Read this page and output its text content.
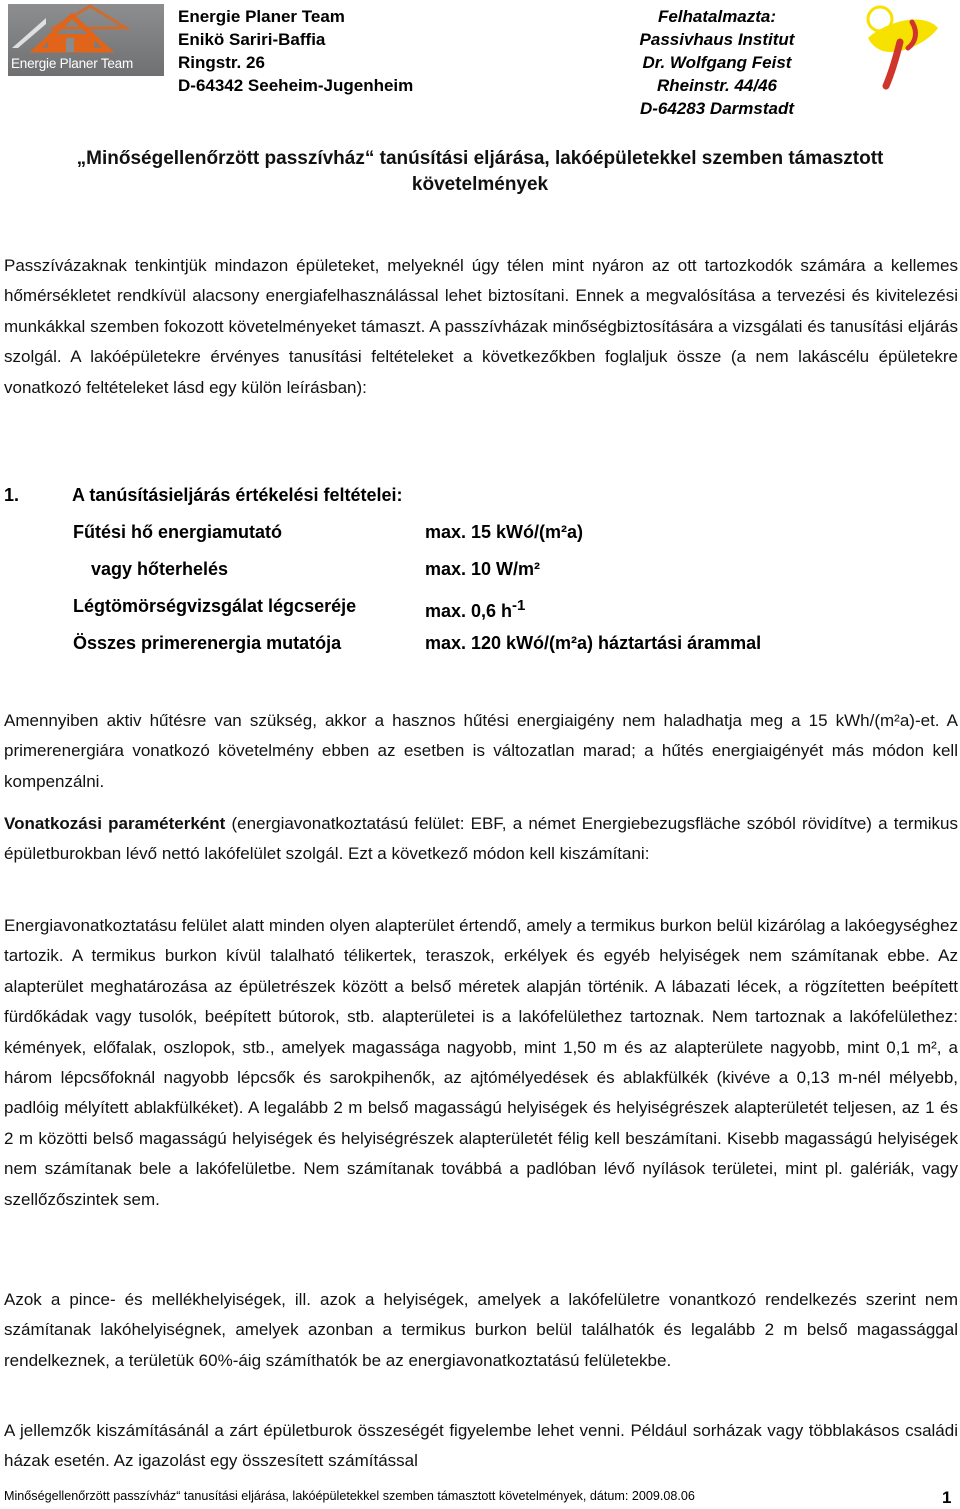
Energie Planer Team
Energie Planer Team
Enikö Sariri-Baffia
Ringstr. 26
D-64342 Seeheim-Jugenheim
Felhatalmazta:
Passivhaus Institut
Dr. Wolfgang Feist
Rheinstr. 44/46
D-64283 Darmstadt
„Minőségellenőrzött passzívház“ tanúsítási eljárása, lakóépületekkel szemben támasztott
követelmények
Passzívázaknak tenkintjük mindazon épületeket, melyeknél úgy télen mint nyáron az ott tartozkodók számára a kellemes hőmérsékletet rendkívül alacsony energiafelhasználással lehet biztosítani. Ennek a megvalósítása a tervezési és kivitelezési munkákkal szemben fokozott követelményeket támaszt. A passzívházak minőségbiztosítására a vizsgálati és tanusítási eljárás szolgál. A lakóépületekre érvényes tanusítási feltételeket a következőkben foglaljuk össze (a nem lakáscélu épületekre vonatkozó feltételeket lásd egy külön leírásban):
1.	A tanúsításieljárás értékelési feltételei:
Fűtési hő energiamutató	max. 15 kWó/(m²a)
vagy hőterhelés	max. 10 W/m²
Légtömörségvizsgálat légcseréje	max. 0,6 $h^{-1}$
Összes primerenergia mutatója	max. 120 kWó/(m²a) háztartási árammal
Amennyiben aktiv hűtésre van szükség, akkor a hasznos hűtési energiaigény nem haladhatja meg a 15 kWh/(m²a)-et. A primerenergiára vonatkozó követelmény ebben az esetben is változatlan marad; a hűtés energiaigényét más módon kell kompenzálni.
Vonatkozási paraméterként (energiavonatkoztatású felület: EBF, a német Energiebezugsfläche szóból rövidítve) a termikus épületburokban lévő nettó lakófelület szolgál. Ezt a következő módon kell kiszámítani:
Energiavonatkoztatásu felület alatt minden olyen alapterület értendő, amely a termikus burkon belül kizárólag a lakóegységhez tartozik. A termikus burkon kívül talalható télikertek, teraszok, erkélyek és egyéb helyiségek nem számítanak ebbe. Az alapterület meghatározása az épületrészek között a belső méretek alapján történik. A lábazati lécek, a rögzítetten beépített fürdőkádak vagy tusolók, beépített bútorok, stb. alapterületei is a lakófelülethez tartoznak. Nem tartoznak a lakófelülethez: kémények, előfalak, oszlopok, stb., amelyek magassága nagyobb, mint 1,50 m és az alapterülete nagyobb, mint 0,1 m², a három lépcsőfoknál nagyobb lépcsők és sarokpihenők, az ajtómélyedések és ablakfülkék (kivéve a 0,13 m-nél mélyebb, padlóig mélyített ablakfülkéket). A legalább 2 m belső magasságú helyiségek és helyiségrészek alapterületét teljesen, az 1 és 2 m közötti belső magasságú helyiségek és helyiségrészek alapterületét félig kell beszámítani. Kisebb magasságú helyiségek nem számítanak bele a lakófelületbe. Nem számítanak továbbá a padlóban lévő nyílások területei, mint pl. galériák, vagy szellőzőszintek sem.
Azok a pince- és mellékhelyiségek, ill. azok a helyiségek, amelyek a lakófelületre vonantkozó rendelkezés szerint nem számítanak lakóhelyiségnek, amelyek azonban a termikus burkon belül találhatók és legalább 2 m belső magassággal rendelkeznek, a területük 60%-áig számíthatók be az energiavonatkoztatású felületekbe.
A jellemzők kiszámításánál a zárt épületburok összeségét figyelembe lehet venni. Például sorházak vagy többlakásos családi házak esetén. Az igazolást egy összesített számítással
Minőségellenőrzött passzívház“ tanusítási eljárása, lakóépületekkel szemben támasztott követelmények, dátum: 2009.08.06	1
